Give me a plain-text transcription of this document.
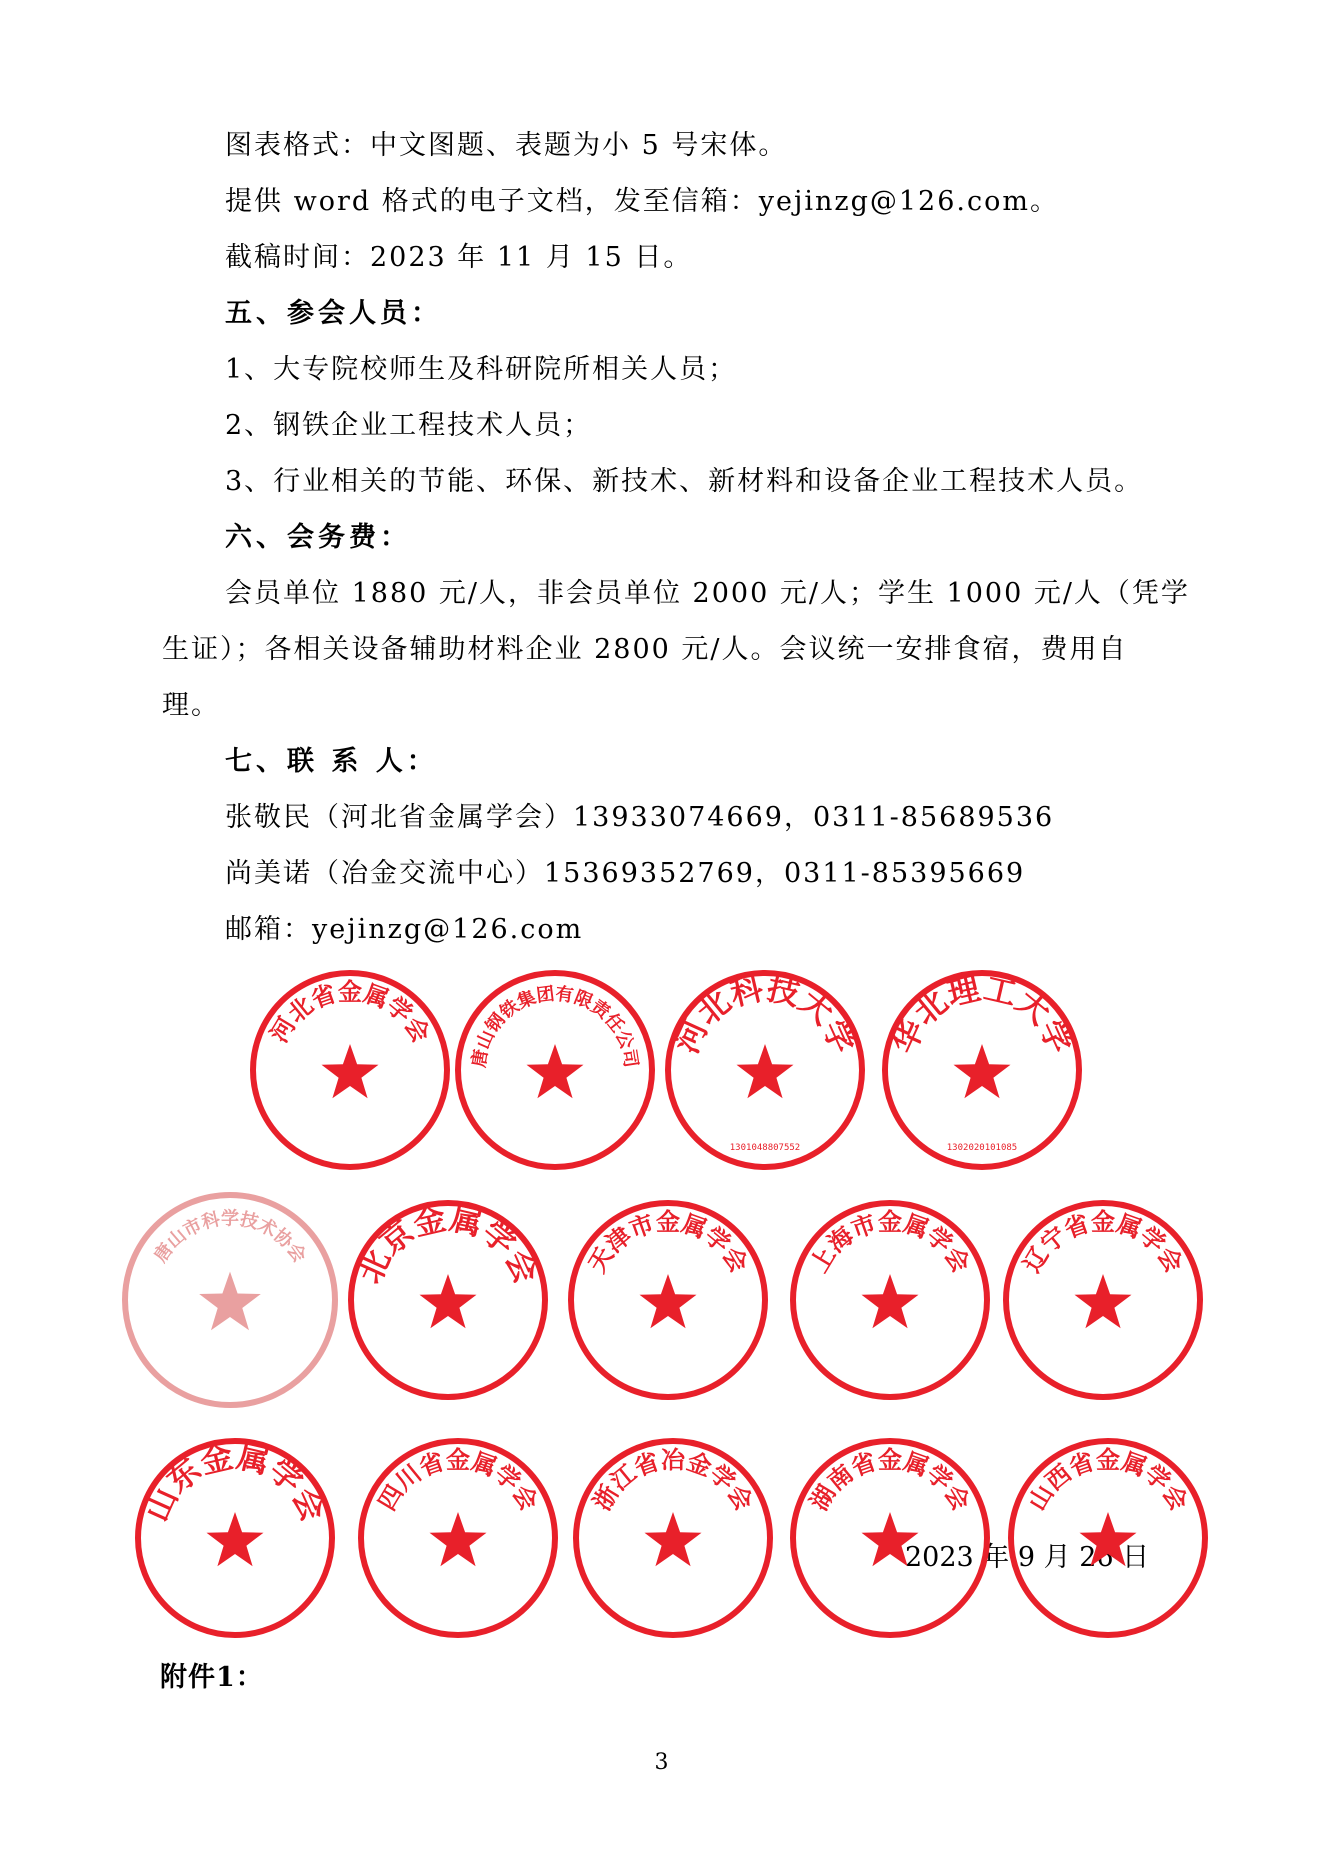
图表格式：中文图题、表题为小 5 号宋体。
提供 word 格式的电子文档，发至信箱：yejinzg@126.com。
截稿时间：2023 年 11 月 15 日。
五、参会人员：
1、大专院校师生及科研院所相关人员；
2、钢铁企业工程技术人员；
3、行业相关的节能、环保、新技术、新材料和设备企业工程技术人员。
六、会务费：
会员单位 1880 元/人，非会员单位 2000 元/人；学生 1000 元/人（凭学
生证）；各相关设备辅助材料企业 2800 元/人。会议统一安排食宿，费用自
理。
七、联 系 人：
张敬民（河北省金属学会）13933074669，0311-85689536
尚美诺（冶金交流中心）15369352769，0311-85395669
邮箱：yejinzg@126.com
2023 年 9 月 26 日
河北省金属学会
唐山钢铁集团有限责任公司 河北科技大学
1301048807552
华北理工大学
1302020101085
唐山市科学技术协会 北京金属学会 天津市金属学会 上海市金属学会 辽宁省金属学会
山东金属学会 四川省金属学会 浙江省冶金学会 湖南省金属学会 山西省金属学会
附件1：
3
